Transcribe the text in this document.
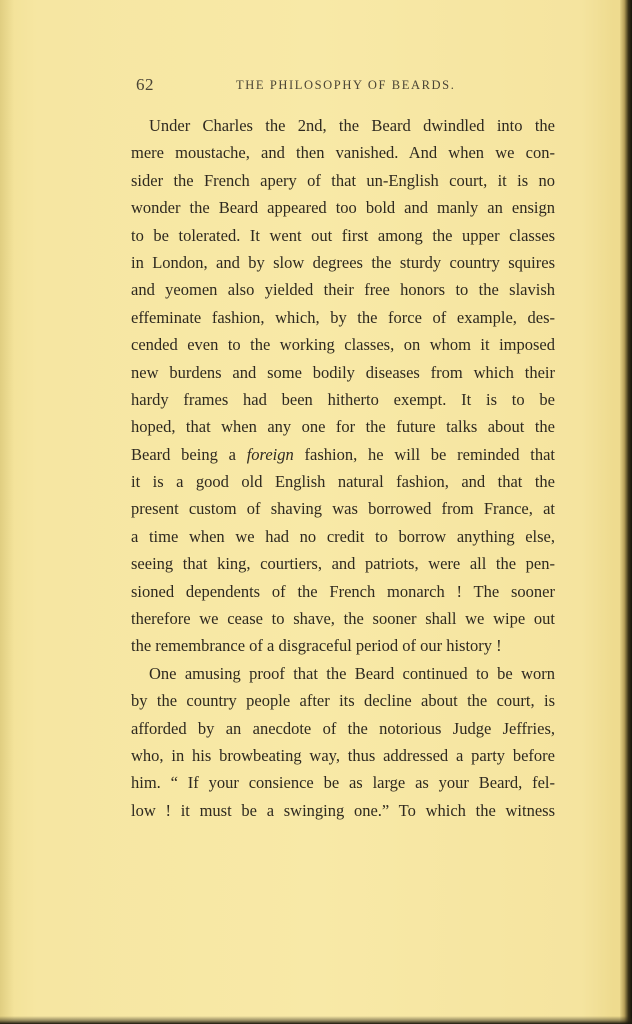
62	THE PHILOSOPHY OF BEARDS.
Under Charles the 2nd, the Beard dwindled into the
mere moustache, and then vanished. And when we con-
sider the French apery of that un-English court, it is no
wonder the Beard appeared too bold and manly an ensign
to be tolerated. It went out first among the upper classes
in London, and by slow degrees the sturdy country squires
and yeomen also yielded their free honors to the slavish
effeminate fashion, which, by the force of example, des-
cended even to the working classes, on whom it imposed
new burdens and some bodily diseases from which their
hardy frames had been hitherto exempt. It is to be
hoped, that when any one for the future talks about the
Beard being a foreign fashion, he will be reminded that
it is a good old English natural fashion, and that the
present custom of shaving was borrowed from France, at
a time when we had no credit to borrow anything else,
seeing that king, courtiers, and patriots, were all the pen-
sioned dependents of the French monarch ! The sooner
therefore we cease to shave, the sooner shall we wipe out
the remembrance of a disgraceful period of our history !
One amusing proof that the Beard continued to be worn
by the country people after its decline about the court, is
afforded by an anecdote of the notorious Judge Jeffries,
who, in his browbeating way, thus addressed a party before
him. “ If your consience be as large as your Beard, fel-
low ! it must be a swinging one.” To which the witness
